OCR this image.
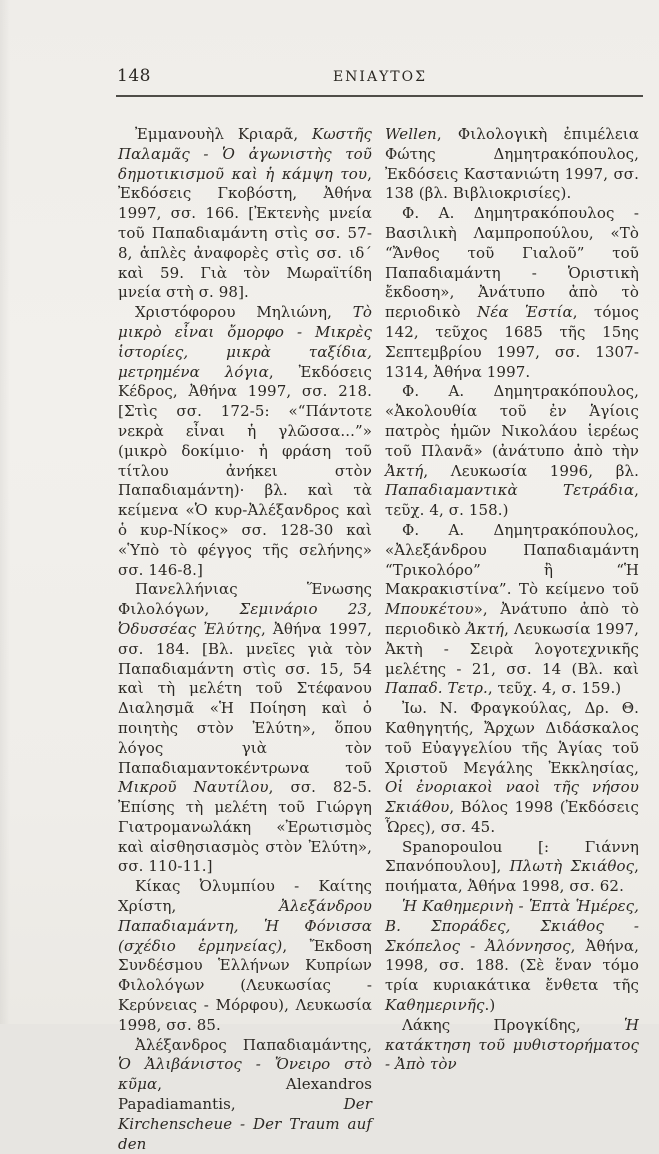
148	ΕΝΙΑΥΤΟΣ

Ἐμμανουὴλ Κριαρᾶ, Κωστῆς Παλαμᾶς - Ὁ ἀγωνιστὴς τοῦ δημοτικισμοῦ καὶ ἡ κάμψη του, Ἐκδόσεις Γκοβόστη, Ἀθήνα 1997, σσ. 166. [Ἐκτενὴς μνεία τοῦ Παπαδιαμάντη στὶς σσ. 57-8, ἁπλὲς ἀναφορὲς στὶς σσ. ιδ´ καὶ 59. Γιὰ τὸν Μωραϊτίδη μνεία στὴ σ. 98].

Χριστόφορου Μηλιώνη, Τὸ μικρὸ εἶναι ὄμορφο - Μικρὲς ἱστορίες, μικρὰ ταξίδια, μετρημένα λόγια, Ἐκδόσεις Κέδρος, Ἀθήνα 1997, σσ. 218. [Στὶς σσ. 172-5: «“Πάντοτε νεκρὰ εἶναι ἡ γλῶσσα...”» (μικρὸ δοκίμιο· ἡ φράση τοῦ τίτλου ἀνήκει στὸν Παπαδιαμάντη)· βλ. καὶ τὰ κείμενα «Ὁ κυρ-Ἀλέξανδρος καὶ ὁ κυρ-Νίκος» σσ. 128-30 καὶ «Ὑπὸ τὸ φέγγος τῆς σελήνης» σσ. 146-8.]

Πανελλήνιας Ἕνωσης Φιλολόγων, Σεμινάριο 23, Ὀδυσσέας Ἐλύτης, Ἀθήνα 1997, σσ. 184. [Βλ. μνεῖες γιὰ τὸν Παπαδιαμάντη στὶς σσ. 15, 54 καὶ τὴ μελέτη τοῦ Στέφανου Διαλησμᾶ «Ἡ Ποίηση καὶ ὁ ποιητὴς στὸν Ἐλύτη», ὅπου λόγος γιὰ τὸν Παπαδιαμαντοκέντρωνα τοῦ Μικροῦ Ναυτίλου, σσ. 82-5. Ἐπίσης τὴ μελέτη τοῦ Γιώργη Γιατρομανωλάκη «Ἐρωτισμὸς καὶ αἰσθησιασμὸς στὸν Ἐλύτη», σσ. 110-11.]

Κίκας Ὀλυμπίου - Καίτης Χρίστη, Ἀλεξάνδρου Παπαδιαμάντη, Ἡ Φόνισσα (σχέδιο ἑρμηνείας), Ἔκδοση Συνδέσμου Ἑλλήνων Κυπρίων Φιλολόγων (Λευκωσίας - Κερύνειας - Μόρφου), Λευκωσία 1998, σσ. 85.

Ἀλέξανδρος Παπαδιαμάντης, Ὁ Ἀλιβάνιστος - Ὄνειρο στὸ κῦμα, Alexandros Papadiamantis, Der Kirchenscheue - Der Traum auf den

Wellen, Φιλολογικὴ ἐπιμέλεια Φώτης Δημητρακόπουλος, Ἐκδόσεις Καστανιώτη 1997, σσ. 138 (βλ. Βιβλιοκρισίες).

Φ. Α. Δημητρακόπουλος - Βασιλικὴ Λαμπροπούλου, «Τὸ “Ἄνθος τοῦ Γιαλοῦ” τοῦ Παπαδιαμάντη - Ὁριστικὴ ἔκδοση», Ἀνάτυπο ἀπὸ τὸ περιοδικὸ Νέα Ἑστία, τόμος 142, τεῦχος 1685 τῆς 15ης Σεπτεμβρίου 1997, σσ. 1307-1314, Ἀθήνα 1997.

Φ. Α. Δημητρακόπουλος, «Ἀκολουθία τοῦ ἐν Ἁγίοις πατρὸς ἡμῶν Νικολάου ἱερέως τοῦ Πλανᾶ» (ἀνάτυπο ἀπὸ τὴν Ἀκτή, Λευκωσία 1996, βλ. Παπαδιαμαντικὰ Τετράδια, τεῦχ. 4, σ. 158.)

Φ. Α. Δημητρακόπουλος, «Ἀλεξάνδρου Παπαδιαμάντη “Τρικολόρο” ἢ “Ἡ Μακρακιστίνα”. Τὸ κείμενο τοῦ Μπουκέτου», Ἀνάτυπο ἀπὸ τὸ περιοδικὸ Ἀκτή, Λευκωσία 1997, Ἀκτὴ - Σειρὰ λογοτεχνικῆς μελέτης - 21, σσ. 14 (Βλ. καὶ Παπαδ. Τετρ., τεῦχ. 4, σ. 159.)

Ἰω. Ν. Φραγκούλας, Δρ. Θ. Καθηγητής, Ἄρχων Διδάσκαλος τοῦ Εὐαγγελίου τῆς Ἁγίας τοῦ Χριστοῦ Μεγάλης Ἐκκλησίας, Οἱ ἐνοριακοὶ ναοὶ τῆς νήσου Σκιάθου, Βόλος 1998 (Ἐκδόσεις Ὧρες), σσ. 45.

Spanopoulou [: Γιάννη Σπανόπουλου], Πλωτὴ Σκιάθος, ποιήματα, Ἀθήνα 1998, σσ. 62.

Ἡ Καθημερινὴ - Ἑπτὰ Ἡμέρες, Β. Σποράδες, Σκιάθος - Σκόπελος - Ἀλόννησος, Ἀθήνα, 1998, σσ. 188. (Σὲ ἕναν τόμο τρία κυριακάτικα ἔνθετα τῆς Καθημερινῆς.)

Λάκης Προγκίδης, Ἡ κατάκτηση τοῦ μυθιστορήματος - Ἀπὸ τὸν
